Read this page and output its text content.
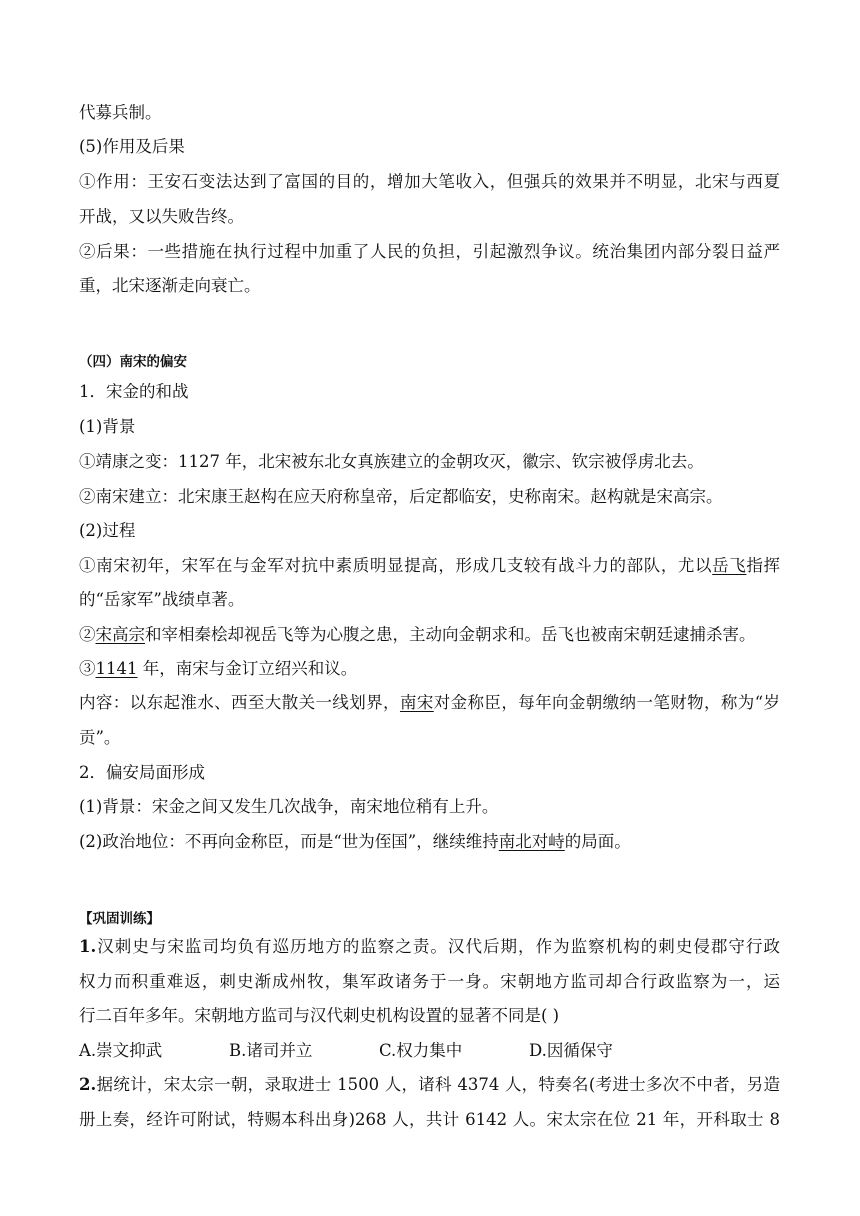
代募兵制。
(5)作用及后果
①作用：王安石变法达到了富国的目的，增加大笔收入，但强兵的效果并不明显，北宋与西夏
开战，又以失败告终。
②后果：一些措施在执行过程中加重了人民的负担，引起激烈争议。统治集团内部分裂日益严
重，北宋逐渐走向衰亡。
（四）南宋的偏安
1．宋金的和战
(1)背景
①靖康之变：1127 年，北宋被东北女真族建立的金朝攻灭，徽宗、钦宗被俘虏北去。
②南宋建立：北宋康王赵构在应天府称皇帝，后定都临安，史称南宋。赵构就是宋高宗。
(2)过程
①南宋初年，宋军在与金军对抗中素质明显提高，形成几支较有战斗力的部队，尤以岳飞指挥
的“岳家军”战绩卓著。
②宋高宗和宰相秦桧却视岳飞等为心腹之患，主动向金朝求和。岳飞也被南宋朝廷逮捕杀害。
③1141 年，南宋与金订立绍兴和议。
内容：以东起淮水、西至大散关一线划界，南宋对金称臣，每年向金朝缴纳一笔财物，称为“岁
贡”。
2．偏安局面形成
(1)背景：宋金之间又发生几次战争，南宋地位稍有上升。
(2)政治地位：不再向金称臣，而是“世为侄国”，继续维持南北对峙的局面。
【巩固训练】
1.汉刺史与宋监司均负有巡历地方的监察之责。汉代后期，作为监察机构的刺史侵郡守行政
权力而积重难返，刺史渐成州牧，集军政诸务于一身。宋朝地方监司却合行政监察为一，运
行二百年多年。宋朝地方监司与汉代刺史机构设置的显著不同是( )
A.崇文抑武	B.诸司并立	C.权力集中	D.因循保守
2.据统计，宋太宗一朝，录取进士 1500 人，诸科 4374 人，特奏名(考进士多次不中者，另造
册上奏，经许可附试，特赐本科出身)268 人，共计 6142 人。宋太宗在位 21 年，开科取士 8
